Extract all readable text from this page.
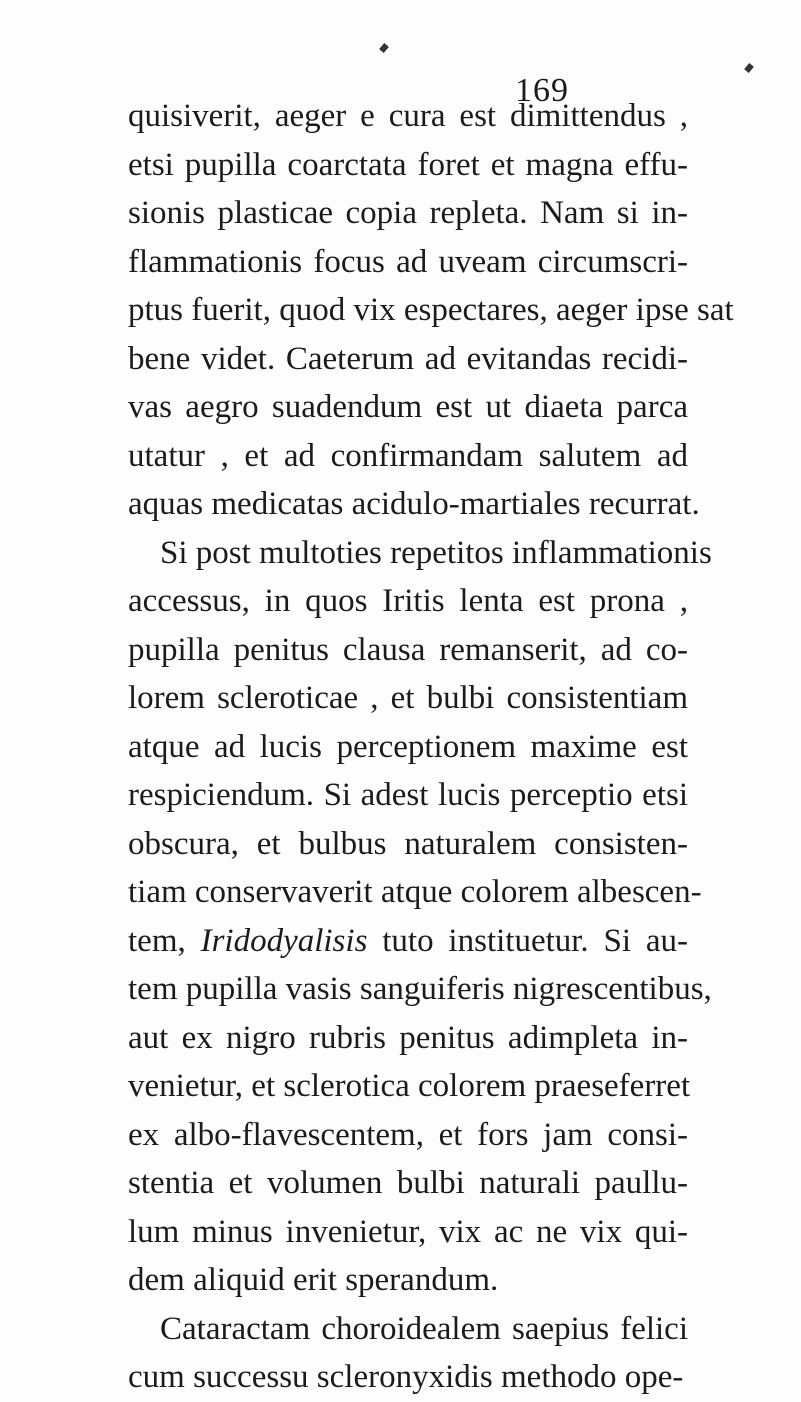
169
quisiverit, aeger e cura est dimittendus ,
etsi pupilla coarctata foret et magna effu-
sionis plasticae copia repleta. Nam si in-
flammationis focus ad uveam circumscri-
ptus fuerit, quod vix espectares, aeger ipse sat
bene videt. Caeterum ad evitandas recidi-
vas aegro suadendum est ut diaeta parca
utatur , et ad confirmandam salutem ad
aquas medicatas acidulo-martiales recurrat.
Si post multoties repetitos inflammationis
accessus, in quos Iritis lenta est prona ,
pupilla penitus clausa remanserit, ad co-
lorem scleroticae , et bulbi consistentiam
atque ad lucis perceptionem maxime est
respiciendum. Si adest lucis perceptio etsi
obscura, et bulbus naturalem consisten-
tiam conservaverit atque colorem albescen-
tem, Iridodyalisis tuto instituetur. Si au-
tem pupilla vasis sanguiferis nigrescentibus,
aut ex nigro rubris penitus adimpleta in-
venietur, et sclerotica colorem praeseferret
ex albo-flavescentem, et fors jam consi-
stentia et volumen bulbi naturali paullu-
lum minus invenietur, vix ac ne vix qui-
dem aliquid erit sperandum.
Cataractam choroidealem saepius felici
cum successu scleronyxidis methodo ope-
